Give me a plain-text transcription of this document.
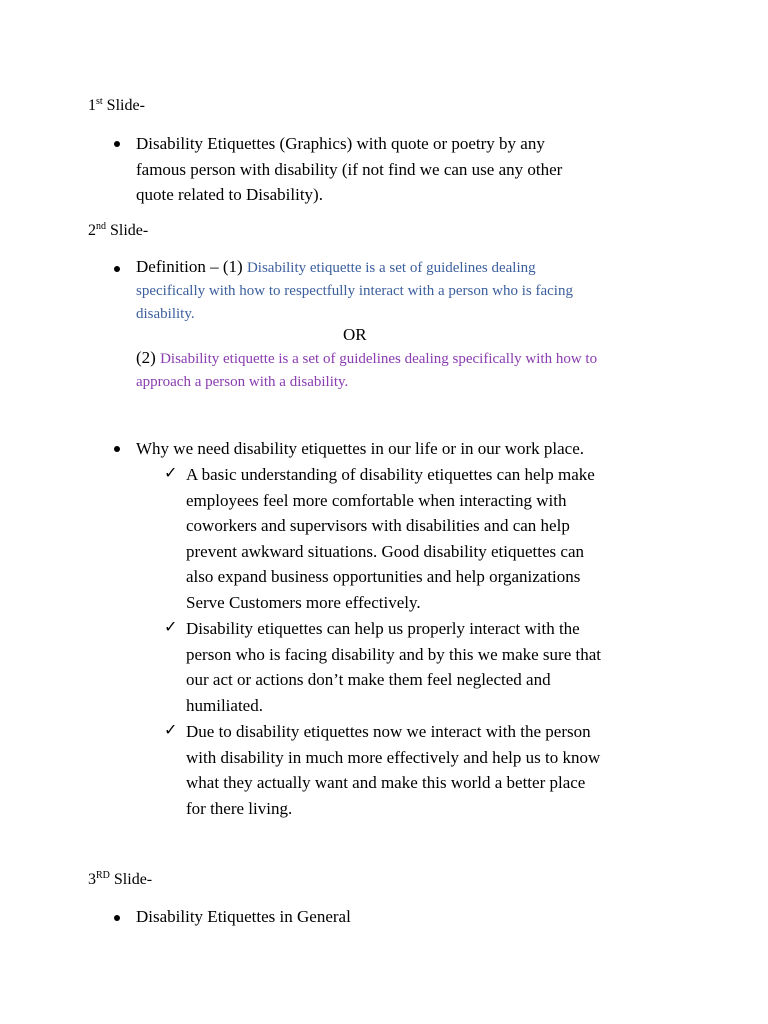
1st Slide-
Disability Etiquettes (Graphics) with quote or poetry by any
famous person with disability (if not find we can use any other
quote related to Disability).
2nd Slide-
Definition – (1) Disability etiquette is a set of guidelines dealing
specifically with how to respectfully interact with a person who is facing
disability.
OR
(2) Disability etiquette is a set of guidelines dealing specifically with how to
approach a person with a disability.
Why we need disability etiquettes in our life or in our work place.
✓ A basic understanding of disability etiquettes can help make
employees feel more comfortable when interacting with
coworkers and supervisors with disabilities and can help
prevent awkward situations. Good disability etiquettes can
also expand business opportunities and help organizations
Serve Customers more effectively.
✓ Disability etiquettes can help us properly interact with the
person who is facing disability and by this we make sure that
our act or actions don’t make them feel neglected and
humiliated.
✓ Due to disability etiquettes now we interact with the person
with disability in much more effectively and help us to know
what they actually want and make this world a better place
for there living.
3RD Slide-
Disability Etiquettes in General
